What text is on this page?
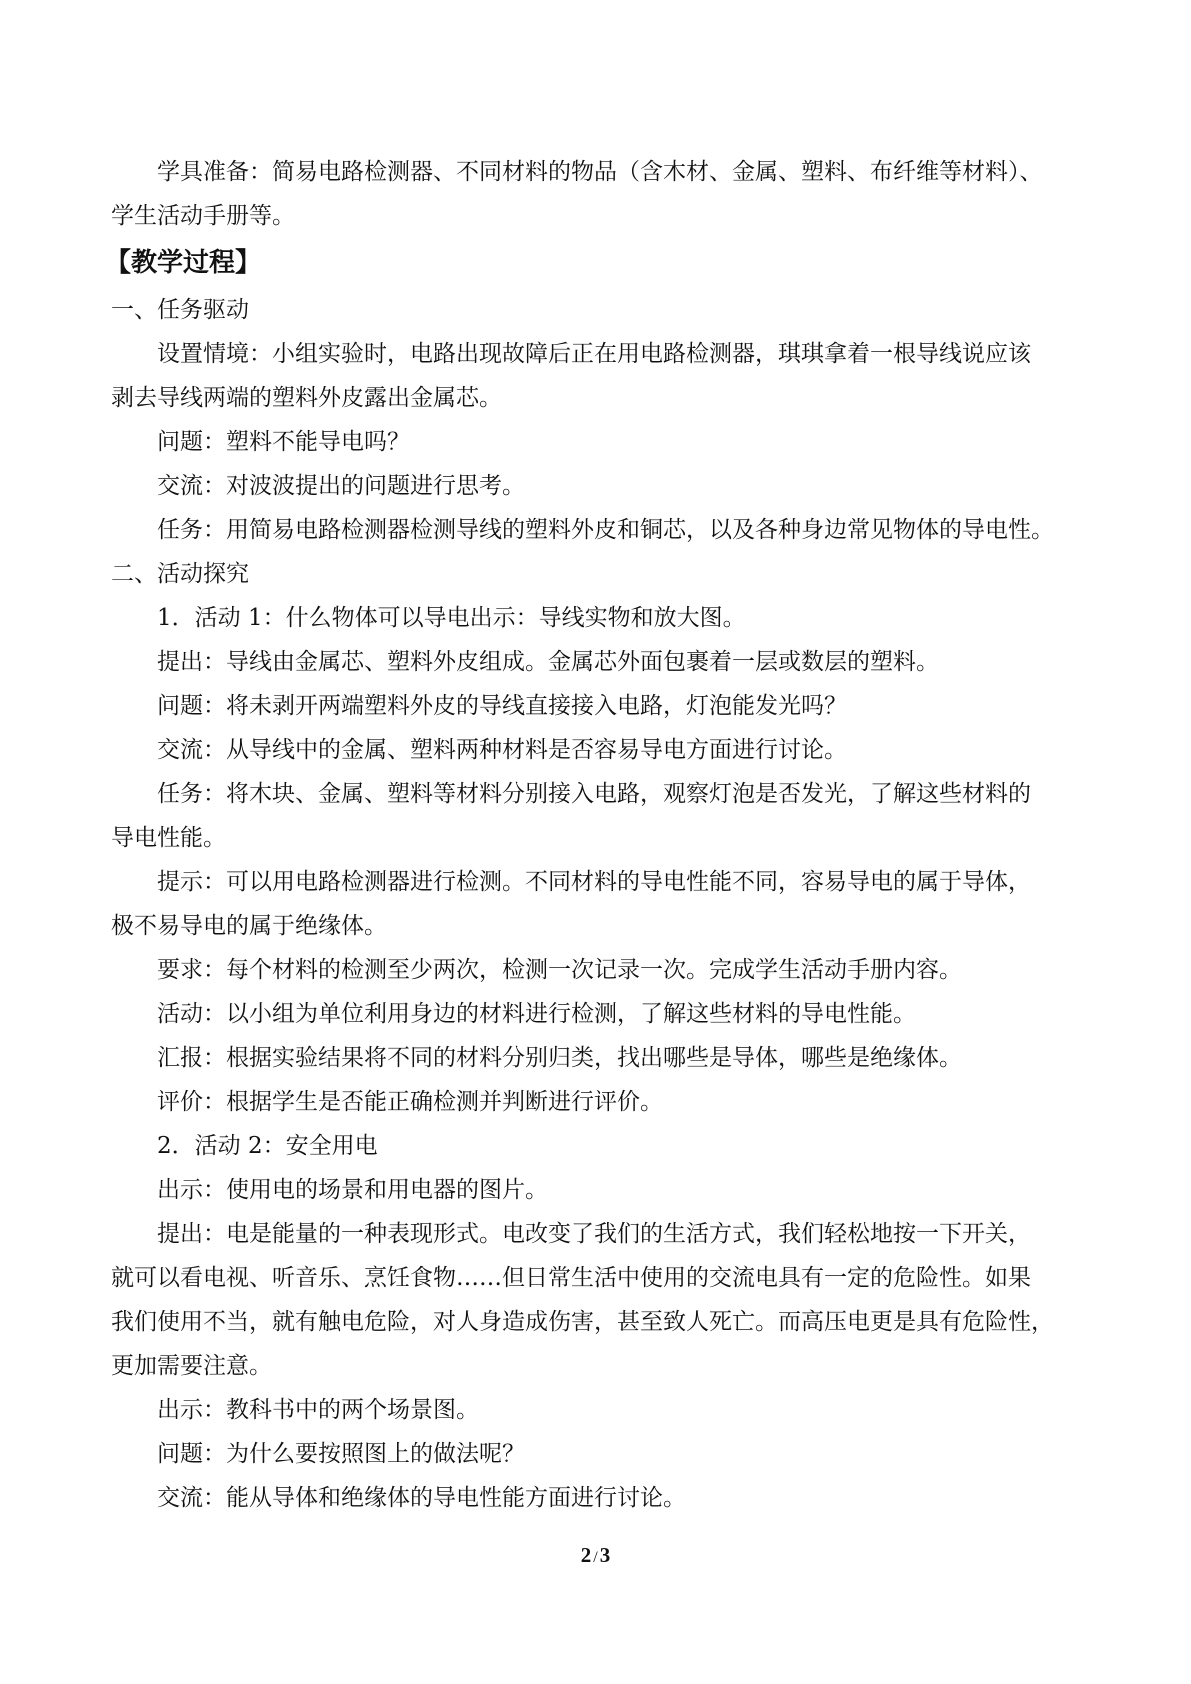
学具准备：简易电路检测器、不同材料的物品（含木材、金属、塑料、布纤维等材料）、

学生活动手册等。

【教学过程】

一、任务驱动

设置情境：小组实验时，电路出现故障后正在用电路检测器，琪琪拿着一根导线说应该

剥去导线两端的塑料外皮露出金属芯。

问题：塑料不能导电吗？

交流：对波波提出的问题进行思考。

任务：用简易电路检测器检测导线的塑料外皮和铜芯，以及各种身边常见物体的导电性。

二、活动探究

1．活动 1：什么物体可以导电出示：导线实物和放大图。

提出：导线由金属芯、塑料外皮组成。金属芯外面包裹着一层或数层的塑料。

问题：将未剥开两端塑料外皮的导线直接接入电路，灯泡能发光吗？

交流：从导线中的金属、塑料两种材料是否容易导电方面进行讨论。

任务：将木块、金属、塑料等材料分别接入电路，观察灯泡是否发光，了解这些材料的

导电性能。

提示：可以用电路检测器进行检测。不同材料的导电性能不同，容易导电的属于导体，

极不易导电的属于绝缘体。

要求：每个材料的检测至少两次，检测一次记录一次。完成学生活动手册内容。

活动：以小组为单位利用身边的材料进行检测，了解这些材料的导电性能。

汇报：根据实验结果将不同的材料分别归类，找出哪些是导体，哪些是绝缘体。

评价：根据学生是否能正确检测并判断进行评价。

2．活动 2：安全用电

出示：使用电的场景和用电器的图片。

提出：电是能量的一种表现形式。电改变了我们的生活方式，我们轻松地按一下开关，

就可以看电视、听音乐、烹饪食物……但日常生活中使用的交流电具有一定的危险性。如果

我们使用不当，就有触电危险，对人身造成伤害，甚至致人死亡。而高压电更是具有危险性，

更加需要注意。

出示：教科书中的两个场景图。

问题：为什么要按照图上的做法呢？

交流：能从导体和绝缘体的导电性能方面进行讨论。

2 /3
